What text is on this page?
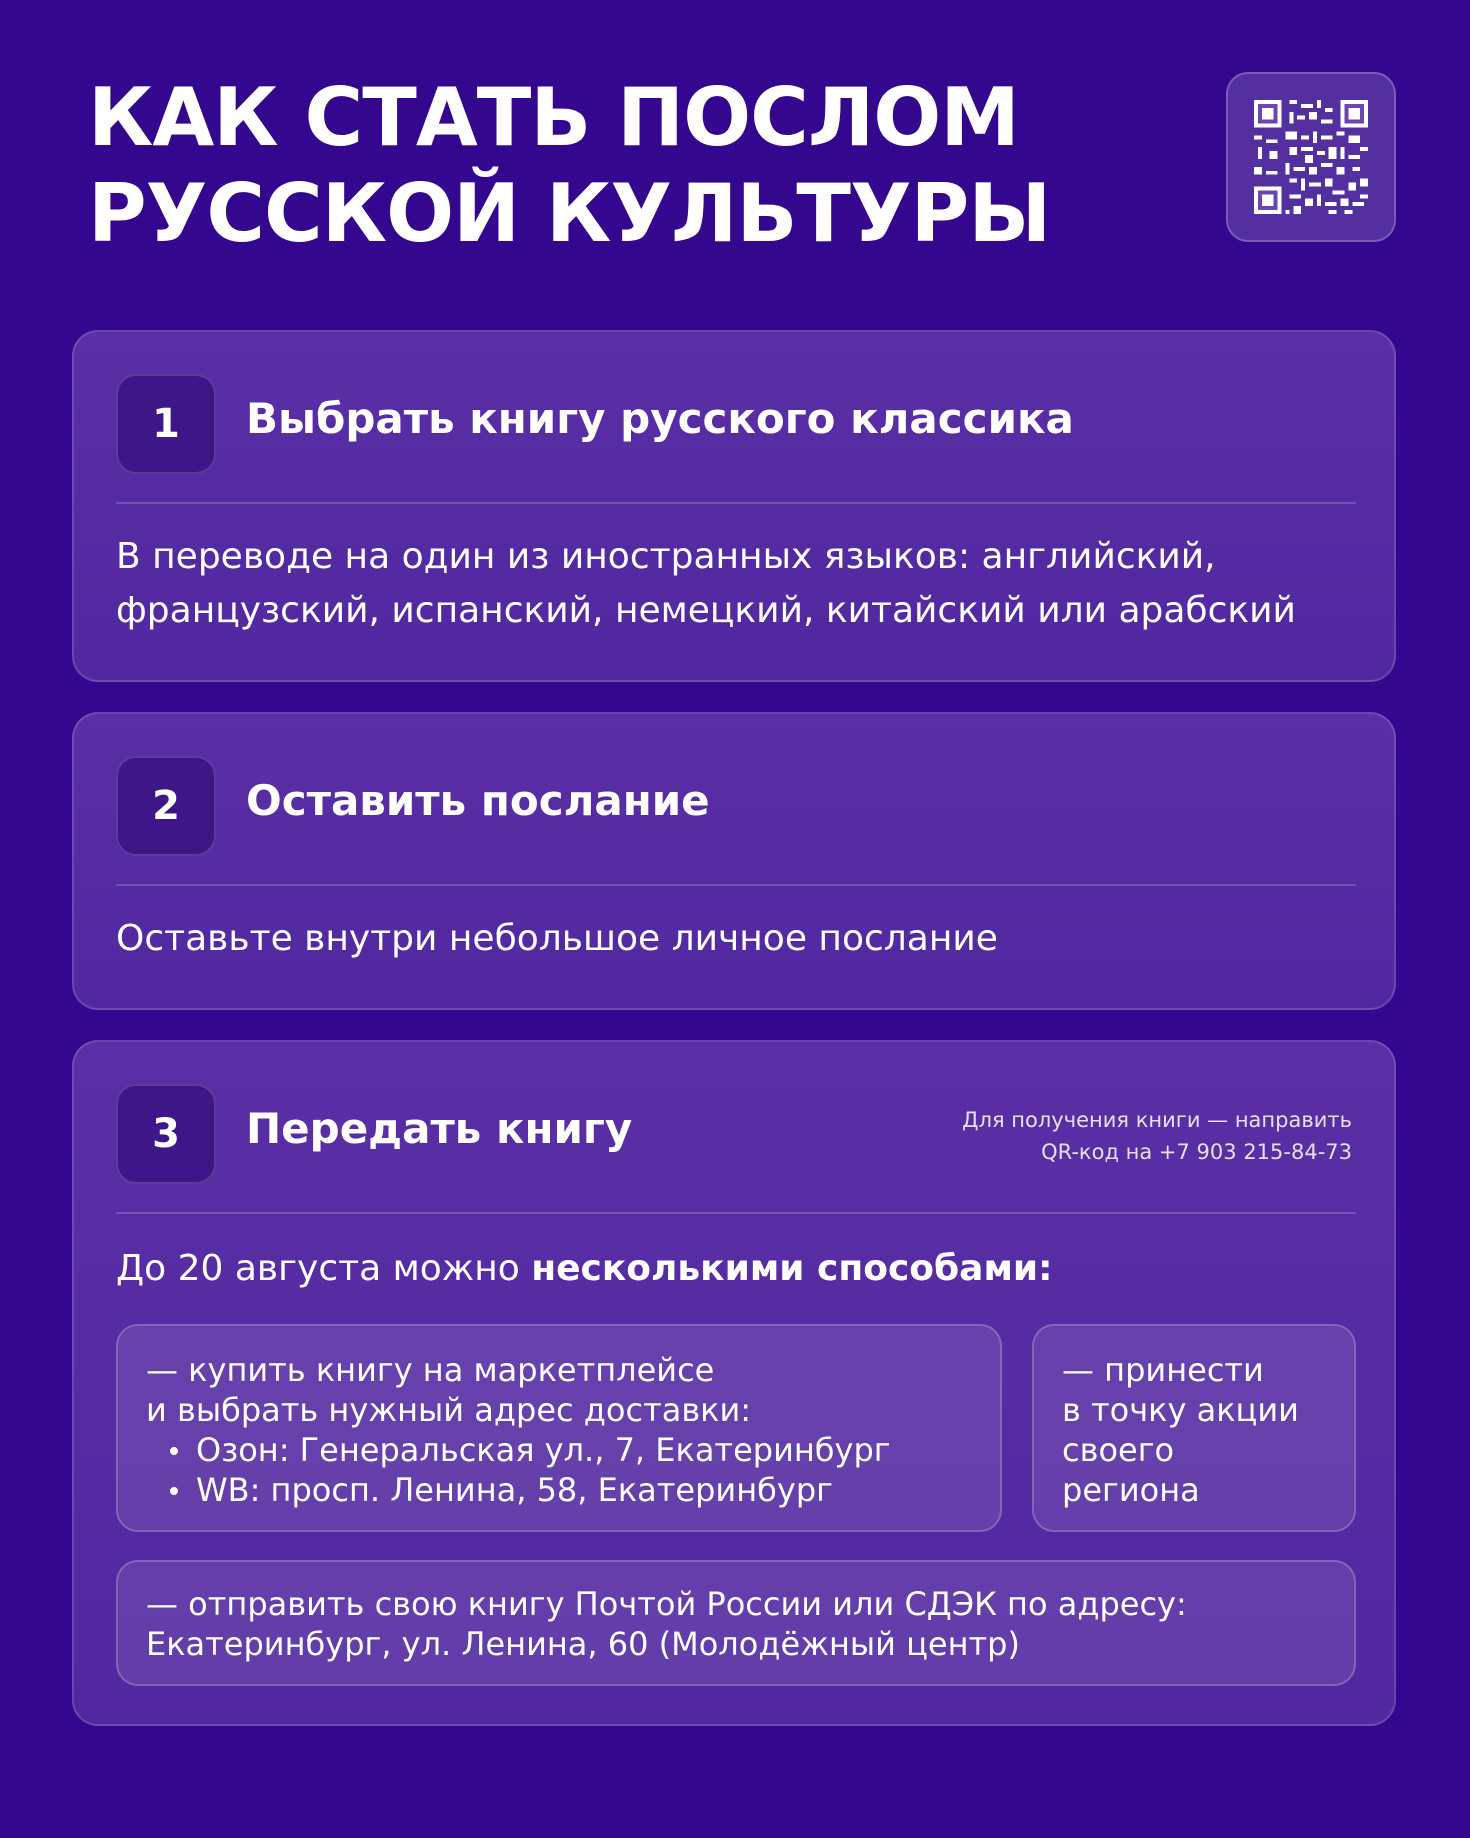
КАК СТАТЬ ПОСЛОМ
РУССКОЙ КУЛЬТУРЫ
1	Выбрать книгу русского классика
В переводе на один из иностранных языков: английский,
французский, испанский, немецкий, китайский или арабский
2	Оставить послание
Оставьте внутри небольшое личное послание
3	Передать книгу	Для получения книги — направить
QR-код на +7 903 215-84-73
До 20 августа можно несколькими способами:
— купить книгу на маркетплейсе
и выбрать нужный адрес доставки:
Озон: Генеральская ул., 7, Екатеринбург
WB: просп. Ленина, 58, Екатеринбург
— принести
в точку акции
своего
региона
— отправить свою книгу Почтой России или СДЭК по адресу:
Екатеринбург, ул. Ленина, 60 (Молодёжный центр)
